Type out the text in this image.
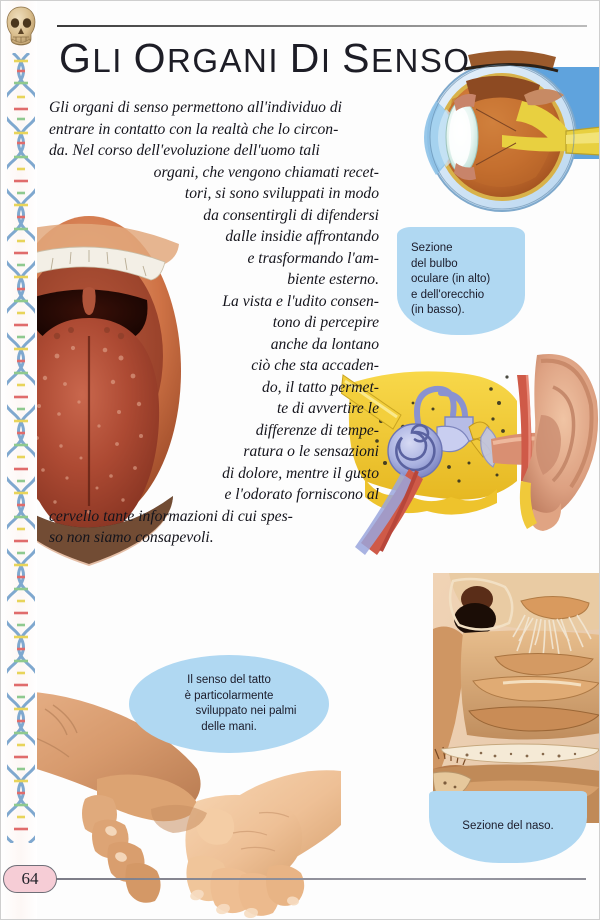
64
GLI ORGANI DI SENSO
Gli organi di senso permettono all'individuo di
entrare in contatto con la realtà che lo circon-
da. Nel corso dell'evoluzione dell'uomo tali
organi, che vengono chiamati recet-
tori, si sono sviluppati in modo
da consentirgli di difendersi
dalle insidie affrontando
e trasformando l'am-
biente esterno.
La vista e l'udito consen-
tono di percepire
anche da lontano
ciò che sta accaden-
do, il tatto permet-
te di avvertire le
differenze di tempe-
ratura o le sensazioni
di dolore, mentre il gusto
e l'odorato forniscono al
cervello tante informazioni di cui spes-
so non siamo consapevoli.
Sezione
del bulbo
oculare (in alto)
e dell'orecchio
(in basso).
Il senso del tatto
è particolarmente
sviluppato nei palmi
delle mani.
Sezione del naso.
